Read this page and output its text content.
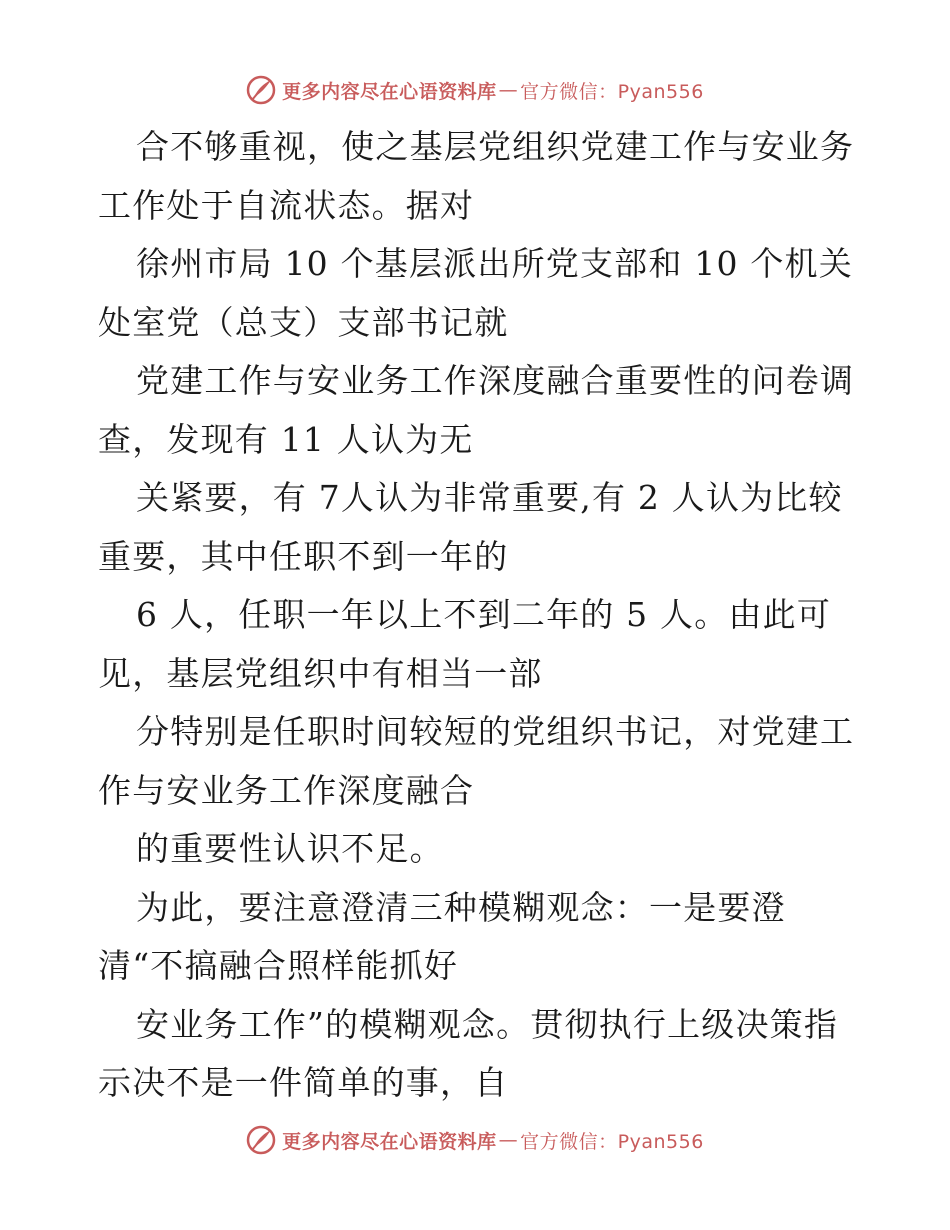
更多内容尽在心语资料库 — 官方微信：Pyan556
合不够重视，使之基层党组织党建工作与安业务
工作处于自流状态。据对
徐州市局 10 个基层派出所党支部和 10 个机关
处室党（总支）支部书记就
党建工作与安业务工作深度融合重要性的问卷调
查，发现有 11 人认为无
关紧要，有 7人认为非常重要,有 2 人认为比较
重要，其中任职不到一年的
6 人，任职一年以上不到二年的 5 人。由此可
见，基层党组织中有相当一部
分特别是任职时间较短的党组织书记，对党建工
作与安业务工作深度融合
的重要性认识不足。
为此，要注意澄清三种模糊观念：一是要澄
清“不搞融合照样能抓好
安业务工作”的模糊观念。贯彻执行上级决策指
示决不是一件简单的事，自
更多内容尽在心语资料库 — 官方微信：Pyan556
